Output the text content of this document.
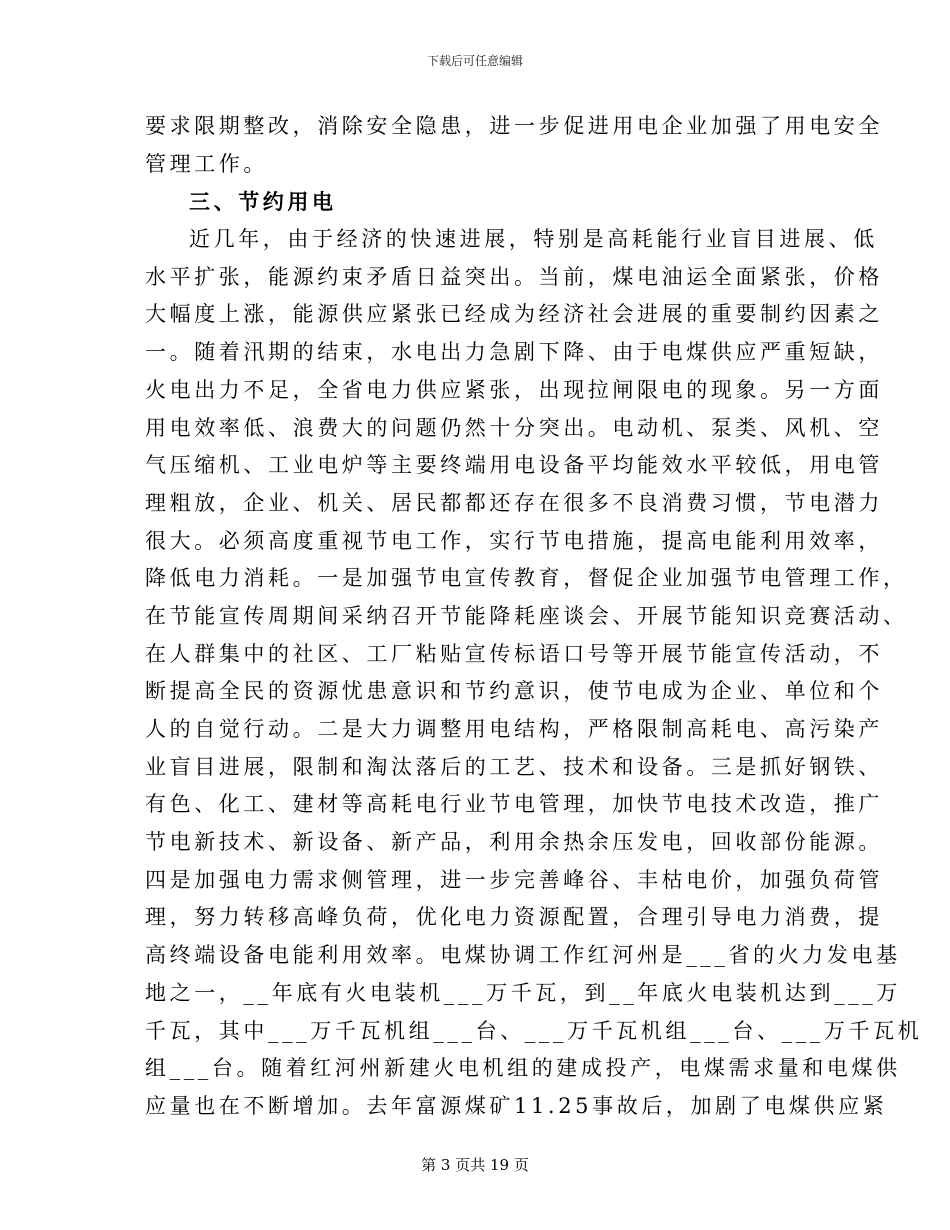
下载后可任意编辑
要求限期整改，消除安全隐患，进一步促进用电企业加强了用电安全
管理工作。
三、节约用电
近几年，由于经济的快速进展，特别是高耗能行业盲目进展、低
水平扩张，能源约束矛盾日益突出。当前，煤电油运全面紧张，价格
大幅度上涨，能源供应紧张已经成为经济社会进展的重要制约因素之
一。随着汛期的结束，水电出力急剧下降、由于电煤供应严重短缺，
火电出力不足，全省电力供应紧张，出现拉闸限电的现象。另一方面
用电效率低、浪费大的问题仍然十分突出。电动机、泵类、风机、空
气压缩机、工业电炉等主要终端用电设备平均能效水平较低，用电管
理粗放，企业、机关、居民都都还存在很多不良消费习惯，节电潜力
很大。必须高度重视节电工作，实行节电措施，提高电能利用效率，
降低电力消耗。一是加强节电宣传教育，督促企业加强节电管理工作，
在节能宣传周期间采纳召开节能降耗座谈会、开展节能知识竞赛活动、
在人群集中的社区、工厂粘贴宣传标语口号等开展节能宣传活动，不
断提高全民的资源忧患意识和节约意识，使节电成为企业、单位和个
人的自觉行动。二是大力调整用电结构，严格限制高耗电、高污染产
业盲目进展，限制和淘汰落后的工艺、技术和设备。三是抓好钢铁、
有色、化工、建材等高耗电行业节电管理，加快节电技术改造，推广
节电新技术、新设备、新产品，利用余热余压发电，回收部份能源。
四是加强电力需求侧管理，进一步完善峰谷、丰枯电价，加强负荷管
理，努力转移高峰负荷，优化电力资源配置，合理引导电力消费，提
高终端设备电能利用效率。电煤协调工作红河州是___省的火力发电基
地之一，__年底有火电装机___万千瓦，到__年底火电装机达到___万
千瓦，其中___万千瓦机组___台、___万千瓦机组___台、___万千瓦机
组___台。随着红河州新建火电机组的建成投产，电煤需求量和电煤供
应量也在不断增加。去年富源煤矿11.25事故后，加剧了电煤供应紧
第 3 页共 19 页
